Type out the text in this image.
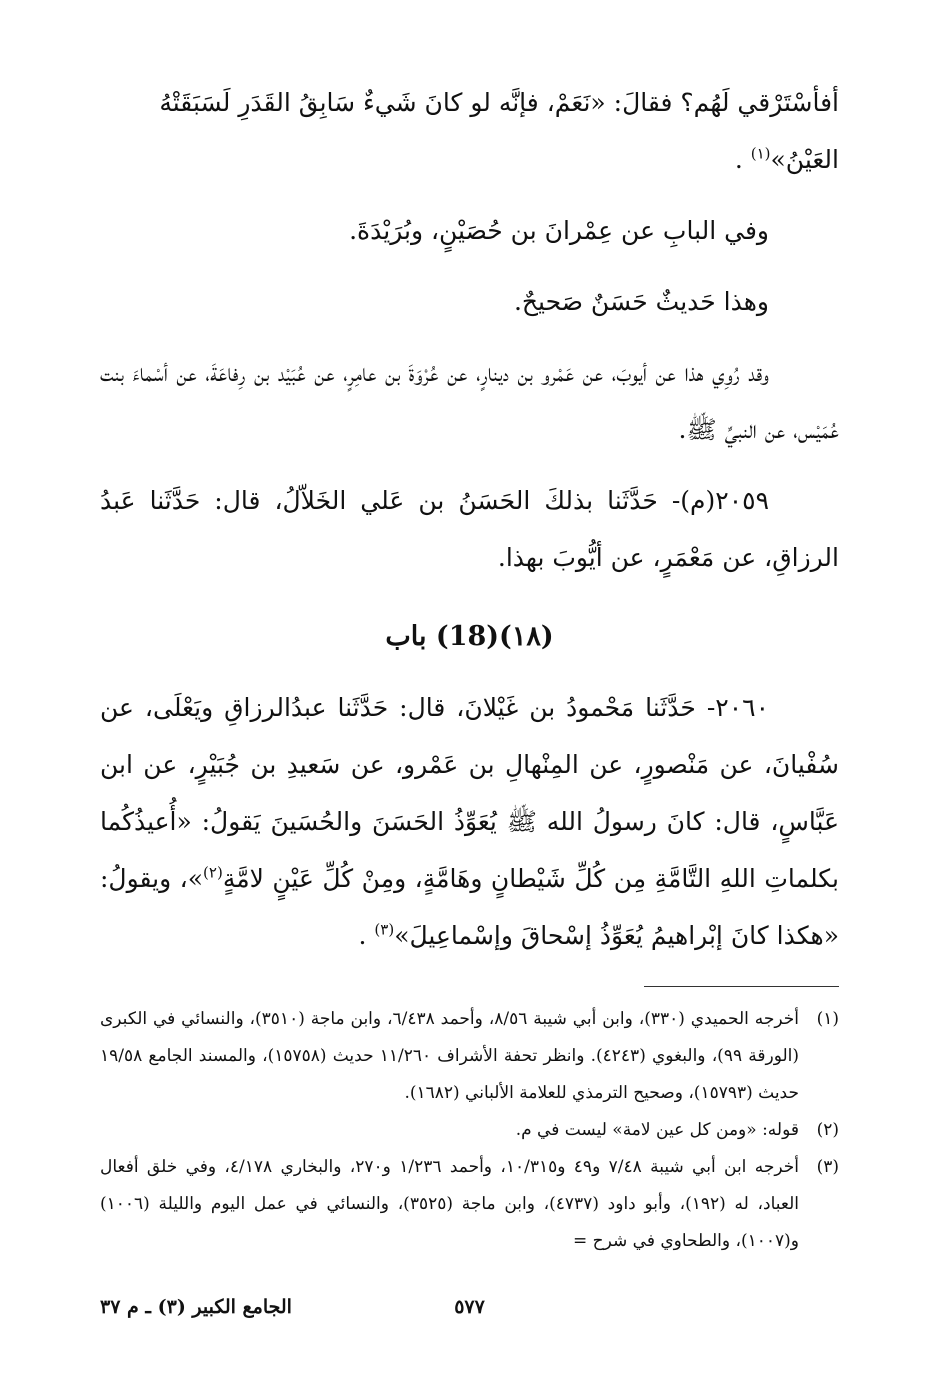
أفأسْتَرْقي لَهُم؟ فقالَ: «نَعَمْ، فإنَّه لو كانَ شَيءٌ سَابِقُ القَدَرِ لَسَبَقَتْهُ
العَيْنُ»$^{(١)}$ .

وفي البابِ عن عِمْرانَ بن حُصَيْنٍ، وبُرَيْدَةَ.

وهذا حَديثٌ حَسَنٌ صَحيحٌ.

وقد رُوِي هذا عن أيوبَ، عن عَمْرو بن دينارٍ، عن عُرْوَةَ بن عامِرٍ، عن عُبَيْد بن رِفاعَةَ، عن أسْماءَ بنت عُمَيْس، عن النبيِّ ﷺ.

٢٠٥٩(م)- حَدَّثَنا بذلكَ الحَسَنُ بن عَلي الخَلاّلُ، قال: حَدَّثَنا عَبدُ الرزاقِ، عن مَعْمَرٍ، عن أيُّوبَ بهذا.

(١٨)(18) باب

٢٠٦٠- حَدَّثَنا مَحْمودُ بن غَيْلانَ، قال: حَدَّثَنا عبدُالرزاقِ ويَعْلَى، عن سُفْيانَ، عن مَنْصورٍ، عن المِنْهالِ بن عَمْرو، عن سَعيدِ بن جُبَيْرٍ، عن ابن عَبَّاسٍ، قال: كانَ رسولُ الله ﷺ يُعَوِّذُ الحَسَنَ والحُسَينَ يَقولُ: «أُعيذُكُما بكلماتِ اللهِ التَّامَّةِ مِن كُلِّ شَيْطانٍ وهَامَّةٍ، ومِنْ كُلِّ عَيْنٍ لامَّةٍ$^{(٢)}$»، ويقولُ: «هكذا كانَ إبْراهيمُ يُعَوِّذُ إسْحاقَ وإسْماعِيلَ»$^{(٣)}$ .

(١)
أخرجه الحميدي (٣٣٠)، وابن أبي شيبة ٨/٥٦، وأحمد ٦/٤٣٨، وابن ماجة (٣٥١٠)، والنسائي في الكبرى (الورقة ٩٩)، والبغوي (٤٢٤٣). وانظر تحفة الأشراف ١١/٢٦٠ حديث (١٥٧٥٨)، والمسند الجامع ١٩/٥٨ حديث (١٥٧٩٣)، وصحيح الترمذي للعلامة الألباني (١٦٨٢).
(٢)
قوله: «ومن كل عين لامة» ليست في م.
(٣)
أخرجه ابن أبي شيبة ٧/٤٨ و٤٩ و١٠/٣١٥، وأحمد ١/٢٣٦ و٢٧٠، والبخاري ٤/١٧٨، وفي خلق أفعال العباد، له (١٩٢)، وأبو داود (٤٧٣٧)، وابن ماجة (٣٥٢٥)، والنسائي في عمل اليوم والليلة (١٠٠٦) و(١٠٠٧)، والطحاوي في شرح =
٥٧٧
الجامع الكبير (٣) ـ م ٣٧
